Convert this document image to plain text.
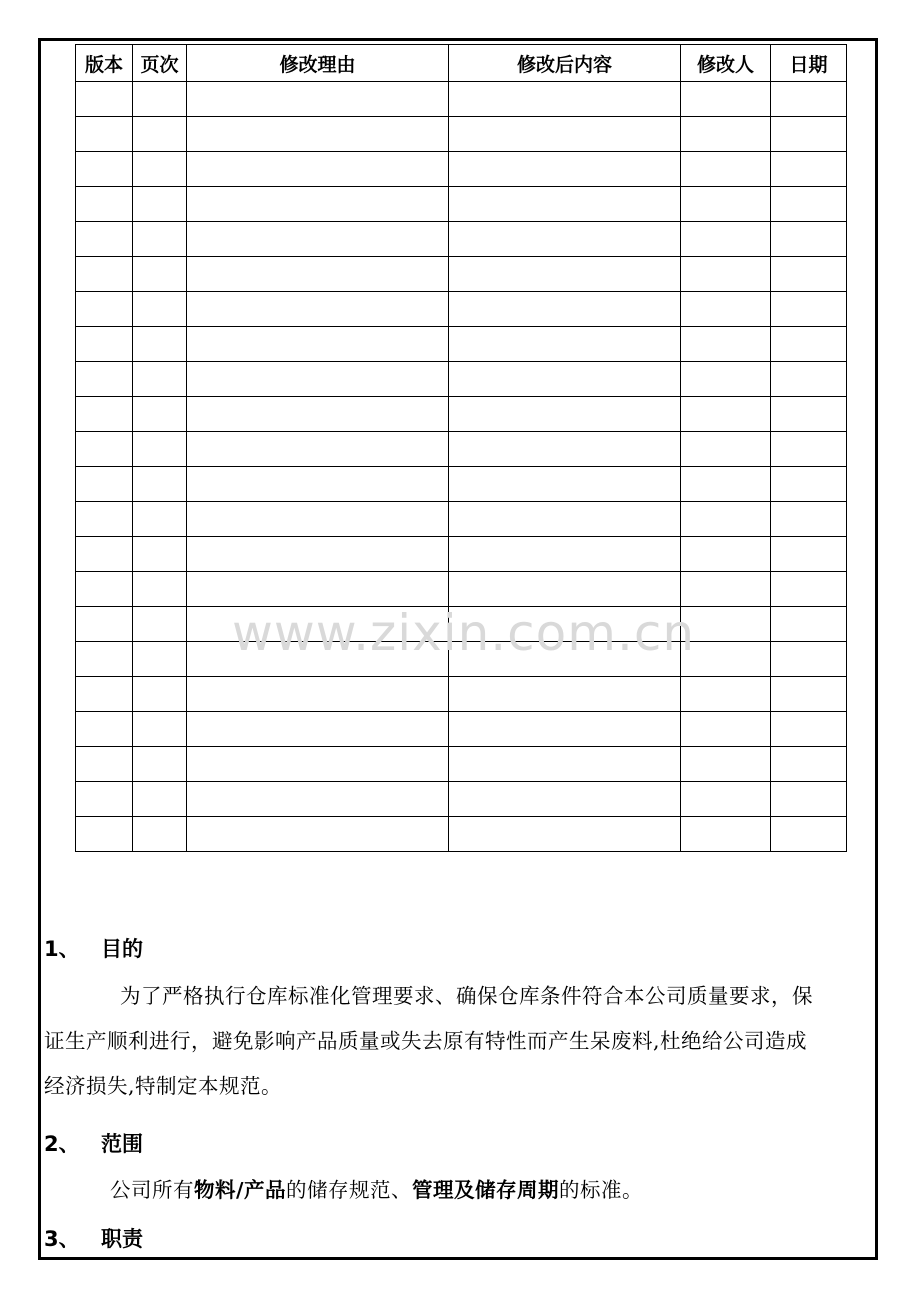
版本	页次	修改理由	修改后内容	修改人	日期

www.zixin.com.cn
1、 目的
为了严格执行仓库标准化管理要求、确保仓库条件符合本公司质量要求，保
证生产顺利进行，避免影响产品质量或失去原有特性而产生呆废料,杜绝给公司造成
经济损失,特制定本规范。
2、 范围
公司所有物料/产品的储存规范、管理及储存周期的标准。
3、 职责
